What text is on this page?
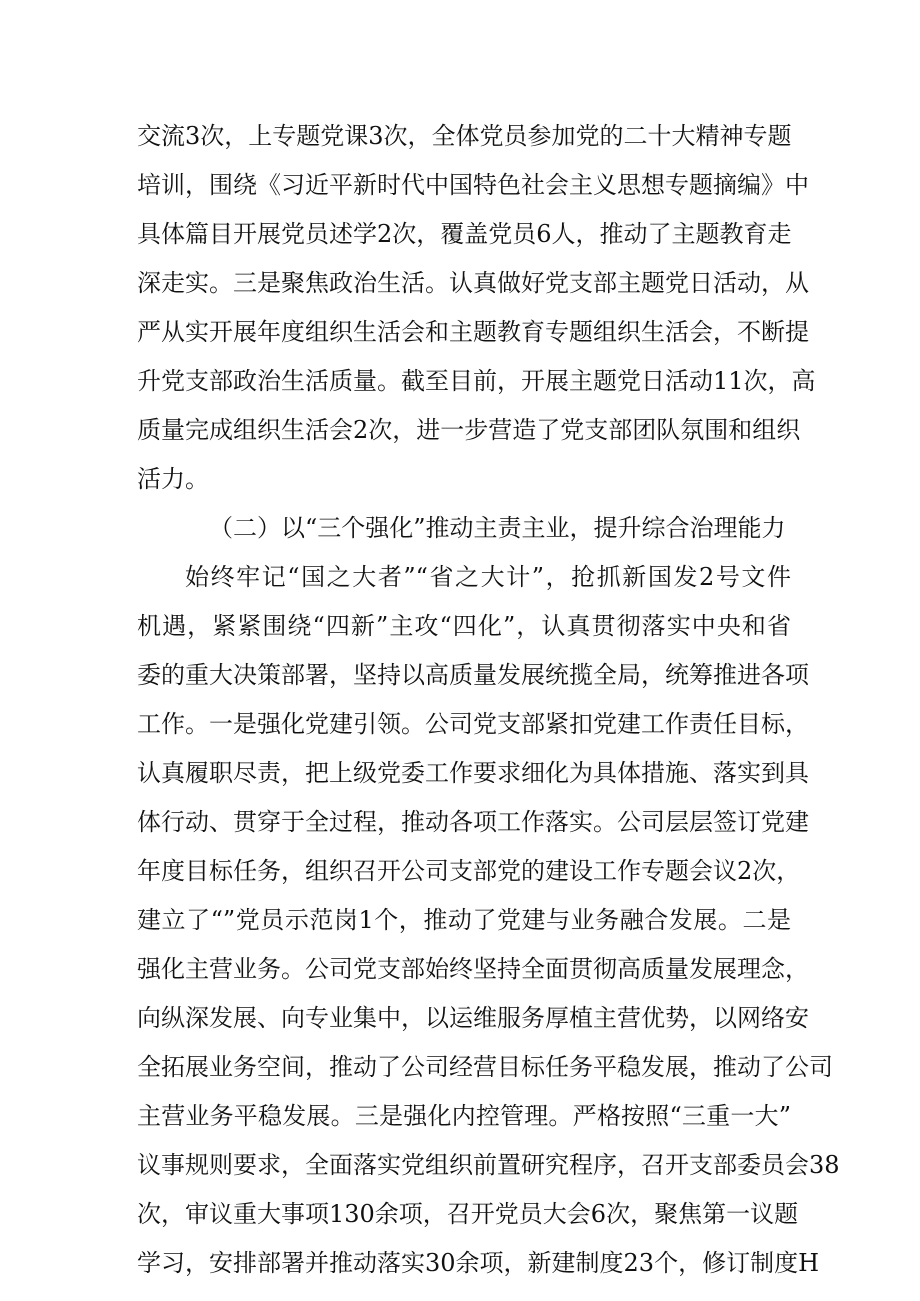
交流3次，上专题党课3次，全体党员参加党的二十大精神专题
培训，围绕《习近平新时代中国特色社会主义思想专题摘编》中
具体篇目开展党员述学2次，覆盖党员6人，推动了主题教育走
深走实。三是聚焦政治生活。认真做好党支部主题党日活动，从
严从实开展年度组织生活会和主题教育专题组织生活会，不断提
升党支部政治生活质量。截至目前，开展主题党日活动11次，高
质量完成组织生活会2次，进一步营造了党支部团队氛围和组织
活力。
（二）以“三个强化”推动主责主业，提升综合治理能力
始终牢记“国之大者”“省之大计”，抢抓新国发2号文件
机遇，紧紧围绕“四新”主攻“四化”，认真贯彻落实中央和省
委的重大决策部署，坚持以高质量发展统揽全局，统筹推进各项
工作。一是强化党建引领。公司党支部紧扣党建工作责任目标，
认真履职尽责，把上级党委工作要求细化为具体措施、落实到具
体行动、贯穿于全过程，推动各项工作落实。公司层层签订党建
年度目标任务，组织召开公司支部党的建设工作专题会议2次，
建立了“”党员示范岗1个，推动了党建与业务融合发展。二是
强化主营业务。公司党支部始终坚持全面贯彻高质量发展理念，
向纵深发展、向专业集中，以运维服务厚植主营优势，以网络安
全拓展业务空间，推动了公司经营目标任务平稳发展，推动了公司
主营业务平稳发展。三是强化内控管理。严格按照“三重一大”
议事规则要求，全面落实党组织前置研究程序，召开支部委员会38
次，审议重大事项130余项，召开党员大会6次，聚焦第一议题
学习，安排部署并推动落实30余项，新建制度23个，修订制度H
